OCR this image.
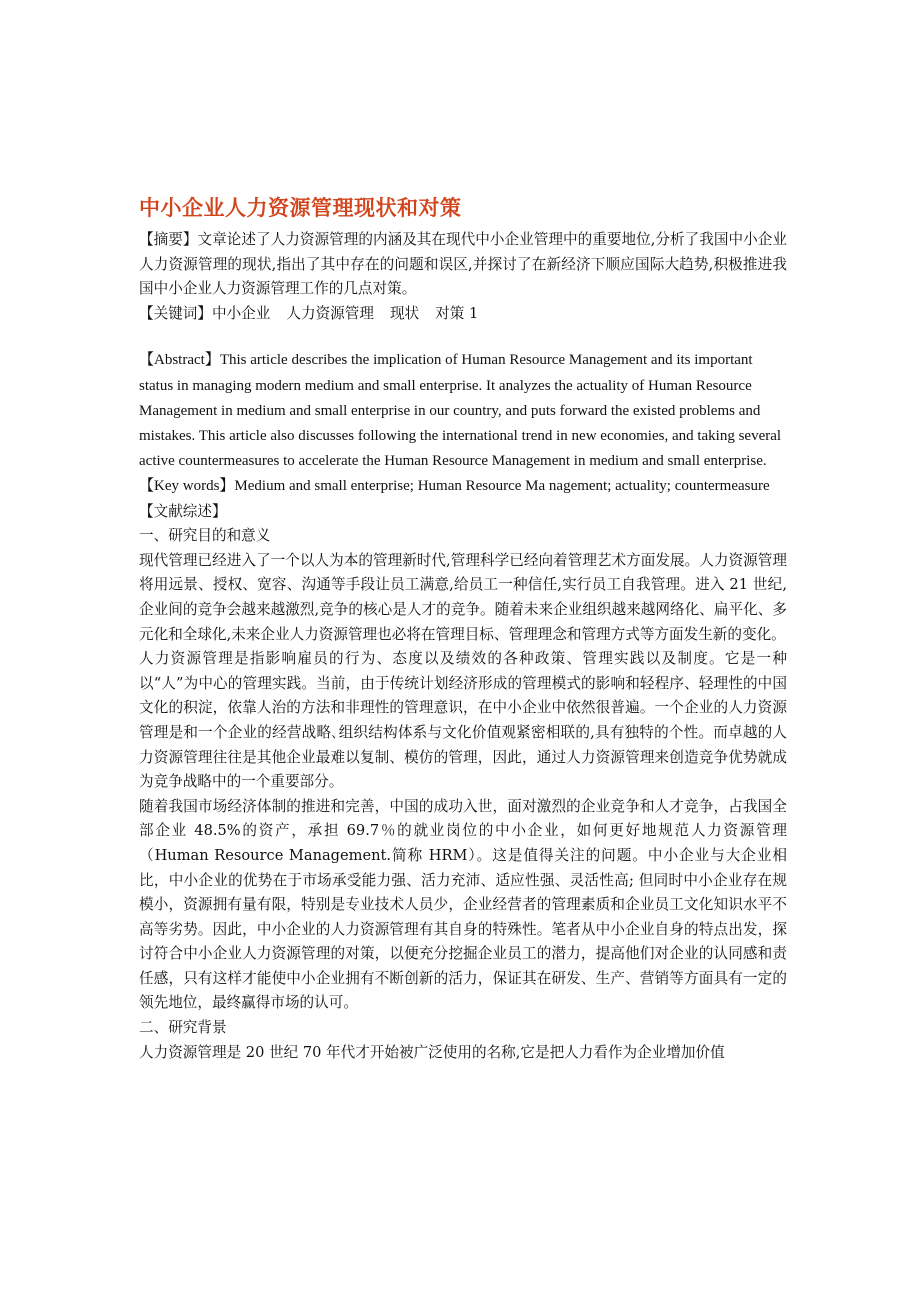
中小企业人力资源管理现状和对策

【摘要】文章论述了人力资源管理的内涵及其在现代中小企业管理中的重要地位,分析了我国中小企业人力资源管理的现状,指出了其中存在的问题和误区,并探讨了在新经济下顺应国际大趋势,积极推进我国中小企业人力资源管理工作的几点对策。

【关键词】中小企业 人力资源管理 现状 对策 1

【Abstract】This article describes the implication of Human Resource Management and its important status in managing modern medium and small enterprise. It analyzes the actuality of Human Resource Management in medium and small enterprise in our country, and puts forward the existed problems and mistakes. This article also discusses following the international trend in new economies, and taking several active countermeasures to accelerate the Human Resource Management in medium and small enterprise.

【Key words】Medium and small enterprise; Human Resource Ma nagement; actuality; countermeasure

【文献综述】

一、研究目的和意义

现代管理已经进入了一个以人为本的管理新时代,管理科学已经向着管理艺术方面发展。人力资源管理将用远景、授权、宽容、沟通等手段让员工满意,给员工一种信任,实行员工自我管理。进入 21 世纪,企业间的竞争会越来越激烈,竞争的核心是人才的竞争。随着未来企业组织越来越网络化、扁平化、多元化和全球化,未来企业人力资源管理也必将在管理目标、管理理念和管理方式等方面发生新的变化。

人力资源管理是指影响雇员的行为、态度以及绩效的各种政策、管理实践以及制度。它是一种以“人”为中心的管理实践。当前，由于传统计划经济形成的管理模式的影响和轻程序、轻理性的中国文化的积淀，依靠人治的方法和非理性的管理意识，在中小企业中依然很普遍。一个企业的人力资源管理是和一个企业的经营战略､组织结构体系与文化价值观紧密相联的,具有独特的个性。而卓越的人力资源管理往往是其他企业最难以复制、模仿的管理，因此，通过人力资源管理来创造竞争优势就成为竞争战略中的一个重要部分。

随着我国市场经济体制的推进和完善，中国的成功入世，面对激烈的企业竞争和人才竞争，占我国全部企业 48.5%的资产，承担 69.7％的就业岗位的中小企业，如何更好地规范人力资源管理（Human Resource Management.简称 HRM）。这是值得关注的问题。中小企业与大企业相比，中小企业的优势在于市场承受能力强、活力充沛、适应性强、灵活性高; 但同时中小企业存在规模小，资源拥有量有限，特别是专业技术人员少，企业经营者的管理素质和企业员工文化知识水平不高等劣势。因此，中小企业的人力资源管理有其自身的特殊性。笔者从中小企业自身的特点出发，探讨符合中小企业人力资源管理的对策，以便充分挖掘企业员工的潜力，提高他们对企业的认同感和责任感，只有这样才能使中小企业拥有不断创新的活力，保证其在研发、生产、营销等方面具有一定的领先地位，最终赢得市场的认可。

二、研究背景

人力资源管理是 20 世纪 70 年代才开始被广泛使用的名称,它是把人力看作为企业增加价值
